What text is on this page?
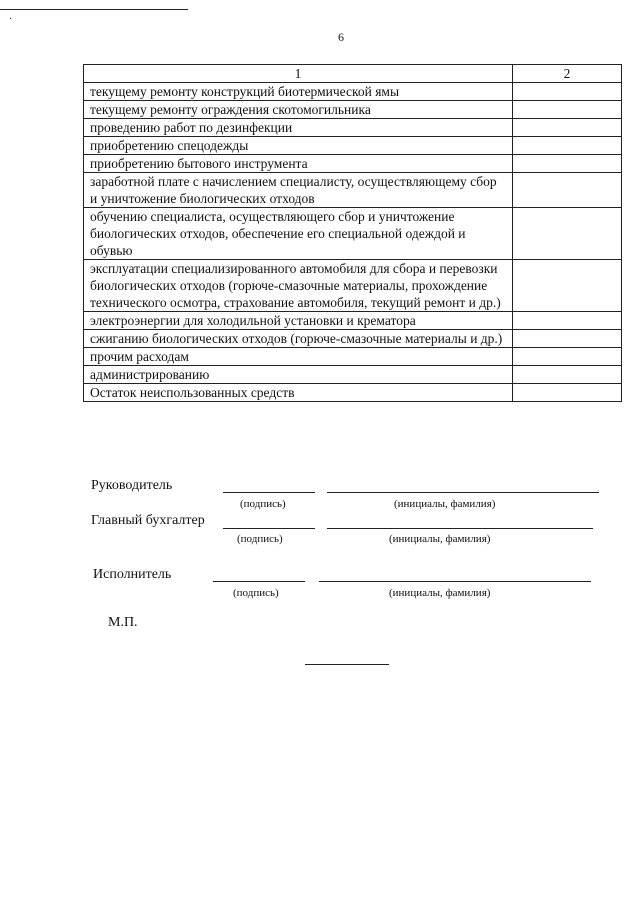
·
6
1	2
текущему ремонту конструкций биотермической ямы	
текущему ремонту ограждения скотомогильника	
проведению работ по дезинфекции	
приобретению спецодежды	
приобретению бытового инструмента	
заработной плате с начислением специалисту, осуществляющему сбор и уничтожение биологических отходов	
обучению специалиста, осуществляющего сбор и уничтожение биологических отходов, обеспечение его специальной одеждой и обувью	
эксплуатации специализированного автомобиля для сбора и перевозки биологических отходов (горюче-смазочные материалы, прохождение технического осмотра, страхование автомобиля, текущий ремонт и др.)	
электроэнергии для холодильной установки и крематора	
сжиганию биологических отходов (горюче-смазочные материалы и др.)	
прочим расходам	
администрированию	
Остаток неиспользованных средств	
Руководитель
(подпись)	(инициалы, фамилия)
Главный бухгалтер
(подпись)	(инициалы, фамилия)
Исполнитель
(подпись)	(инициалы, фамилия)
М.П.
